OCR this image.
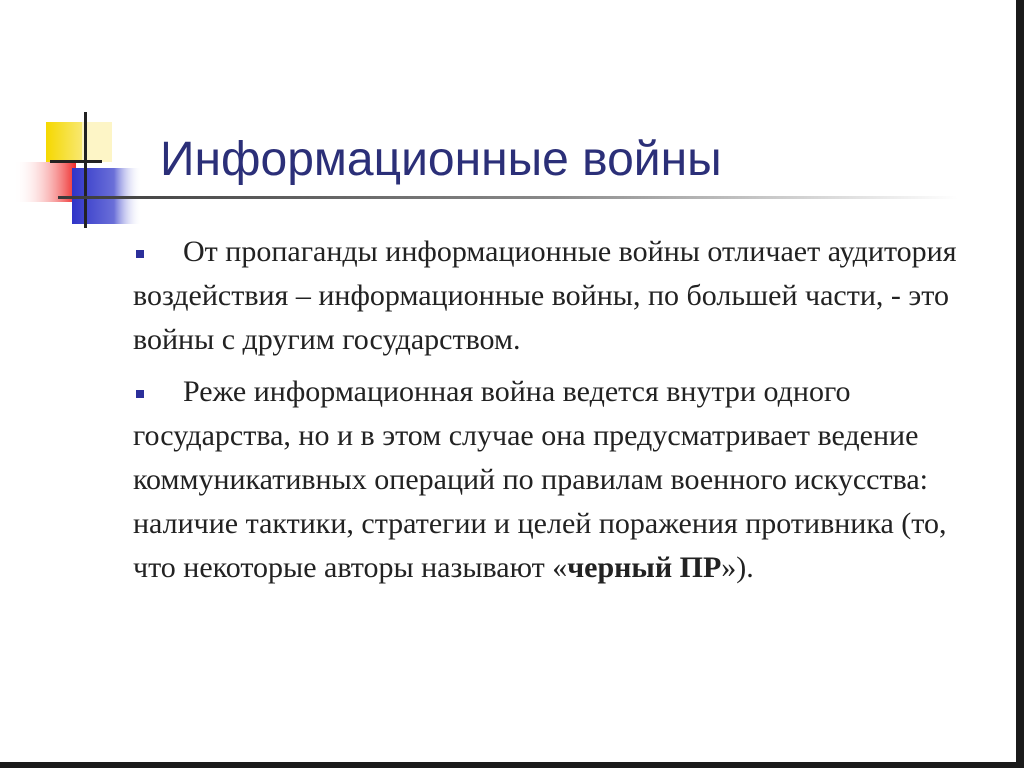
Информационные войны

От пропаганды информационные войны отличает аудитория воздействия – информационные войны, по большей части, - это войны с другим государством.

Реже информационная война ведется внутри одного государства, но и в этом случае она предусматривает ведение коммуникативных операций по правилам военного искусства: наличие тактики, стратегии и целей поражения противника (то, что некоторые авторы называют «черный ПР»).
